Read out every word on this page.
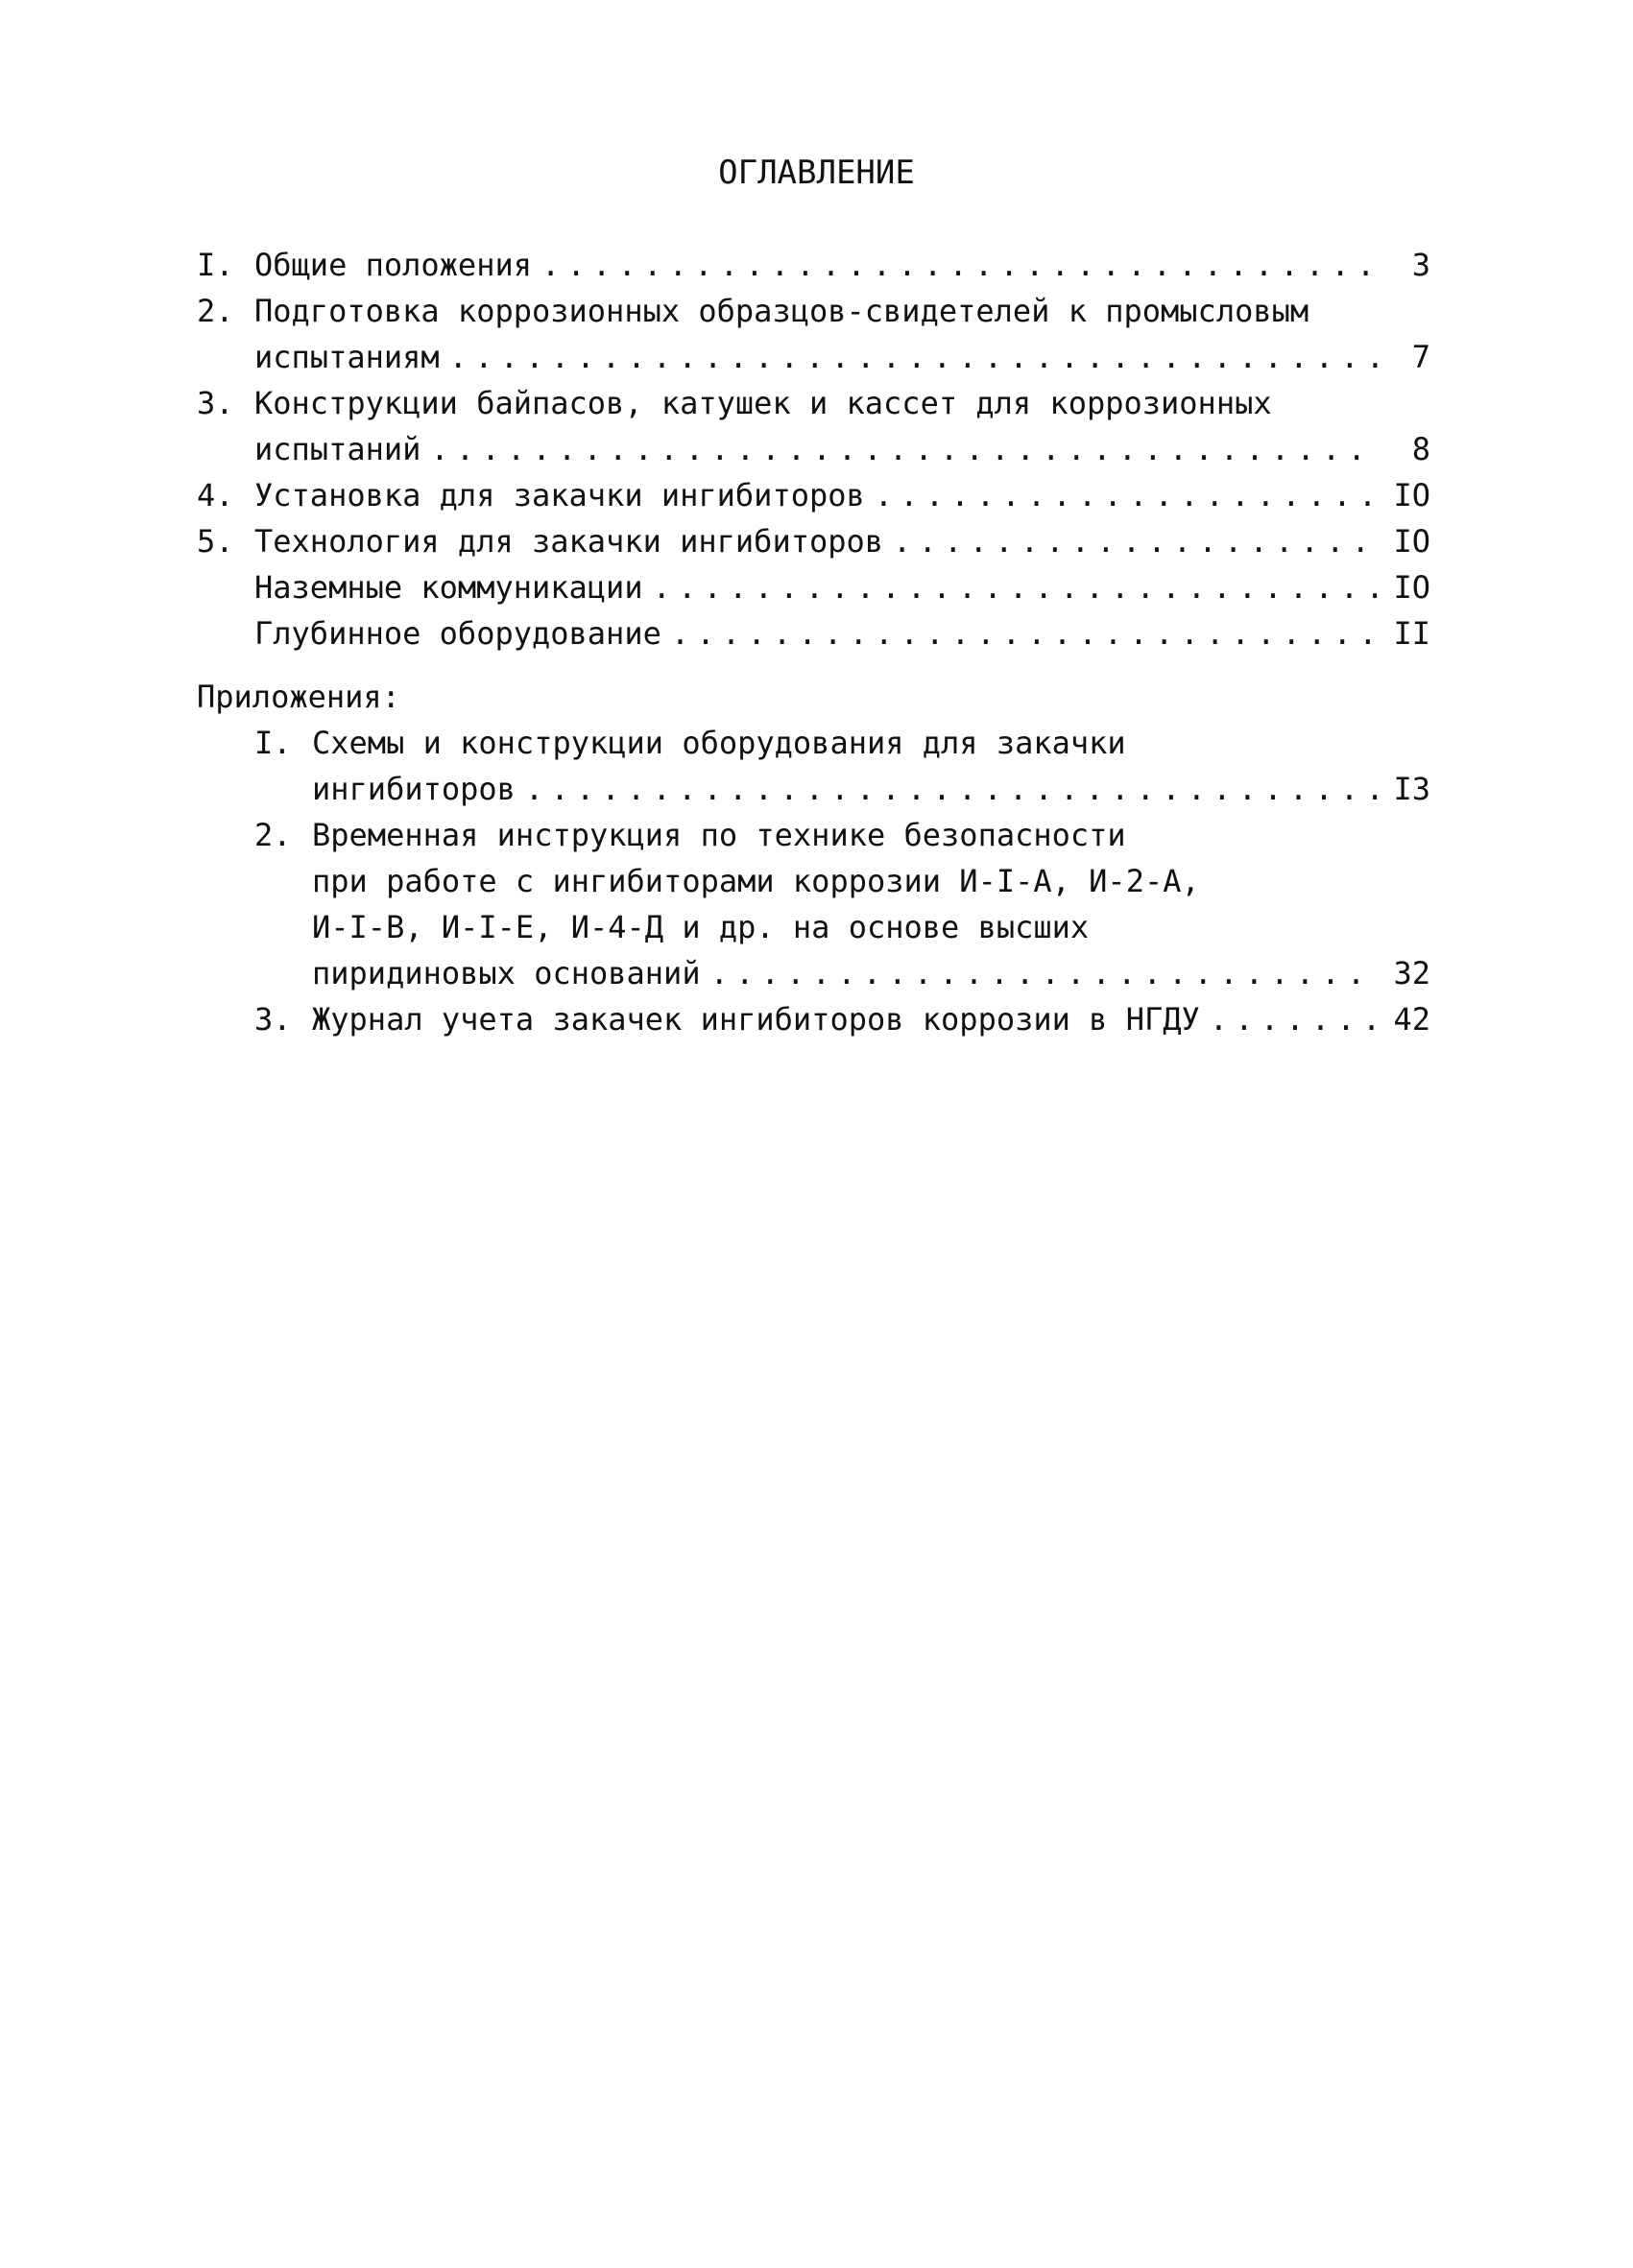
ОГЛАВЛЕНИЕ
I. Общие положения . . .	3
2. Подготовка коррозионных образцов-свидетелей к промысловым
испытаниям . . .	7
3. Конструкции байпасов, катушек и кассет для коррозионных
испытаний . . .	8
4. Установка для закачки ингибиторов . . .	IO
5. Технология для закачки ингибиторов . . .	IO
Наземные коммуникации . . .	IO
Глубинное оборудование . . .	II
Приложения:
I. Схемы и конструкции оборудования для закачки
ингибиторов . . .	I3
2. Временная инструкция по технике безопасности
при работе с ингибиторами коррозии И-I-А, И-2-А,
И-I-В, И-I-Е, И-4-Д и др. на основе высших
пиридиновых оснований . . .	32
3. Журнал учета закачек ингибиторов коррозии в НГДУ . . .	42
